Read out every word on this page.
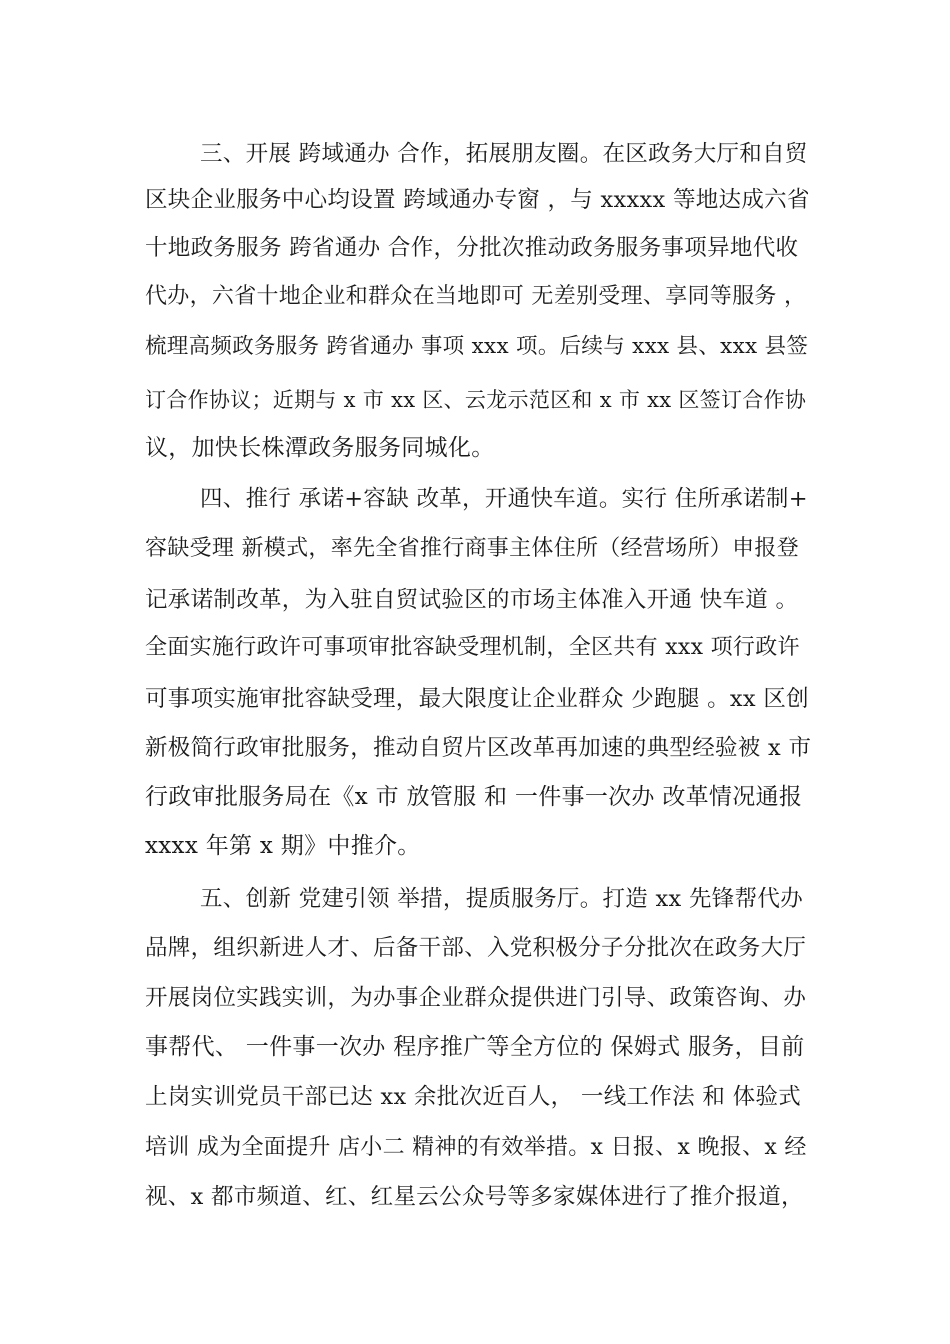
三、开展 跨域通办 合作，拓展朋友圈。在区政务大厅和自贸
区块企业服务中心均设置 跨域通办专窗 ，与 xxxxx 等地达成六省
十地政务服务 跨省通办 合作，分批次推动政务服务事项异地代收
代办，六省十地企业和群众在当地即可 无差别受理、享同等服务 ，
梳理高频政务服务 跨省通办 事项 xxx 项。后续与 xxx 县、xxx 县签
订合作协议；近期与 x 市 xx 区、云龙示范区和 x 市 xx 区签订合作协
议，加快长株潭政务服务同城化。
四、推行 承诺+容缺 改革，开通快车道。实行 住所承诺制+
容缺受理 新模式，率先全省推行商事主体住所（经营场所）申报登
记承诺制改革，为入驻自贸试验区的市场主体准入开通 快车道 。
全面实施行政许可事项审批容缺受理机制，全区共有 xxx 项行政许
可事项实施审批容缺受理，最大限度让企业群众 少跑腿 。xx 区创
新极简行政审批服务，推动自贸片区改革再加速的典型经验被 x 市
行政审批服务局在《x 市 放管服 和 一件事一次办 改革情况通报
xxxx 年第 x 期》中推介。
五、创新 党建引领 举措，提质服务厅。打造 xx 先锋帮代办
品牌，组织新进人才、后备干部、入党积极分子分批次在政务大厅
开展岗位实践实训，为办事企业群众提供进门引导、政策咨询、办
事帮代、 一件事一次办 程序推广等全方位的 保姆式 服务，目前
上岗实训党员干部已达 xx 余批次近百人， 一线工作法 和 体验式
培训 成为全面提升 店小二 精神的有效举措。x 日报、x 晚报、x 经
视、x 都市频道、红、红星云公众号等多家媒体进行了推介报道，
